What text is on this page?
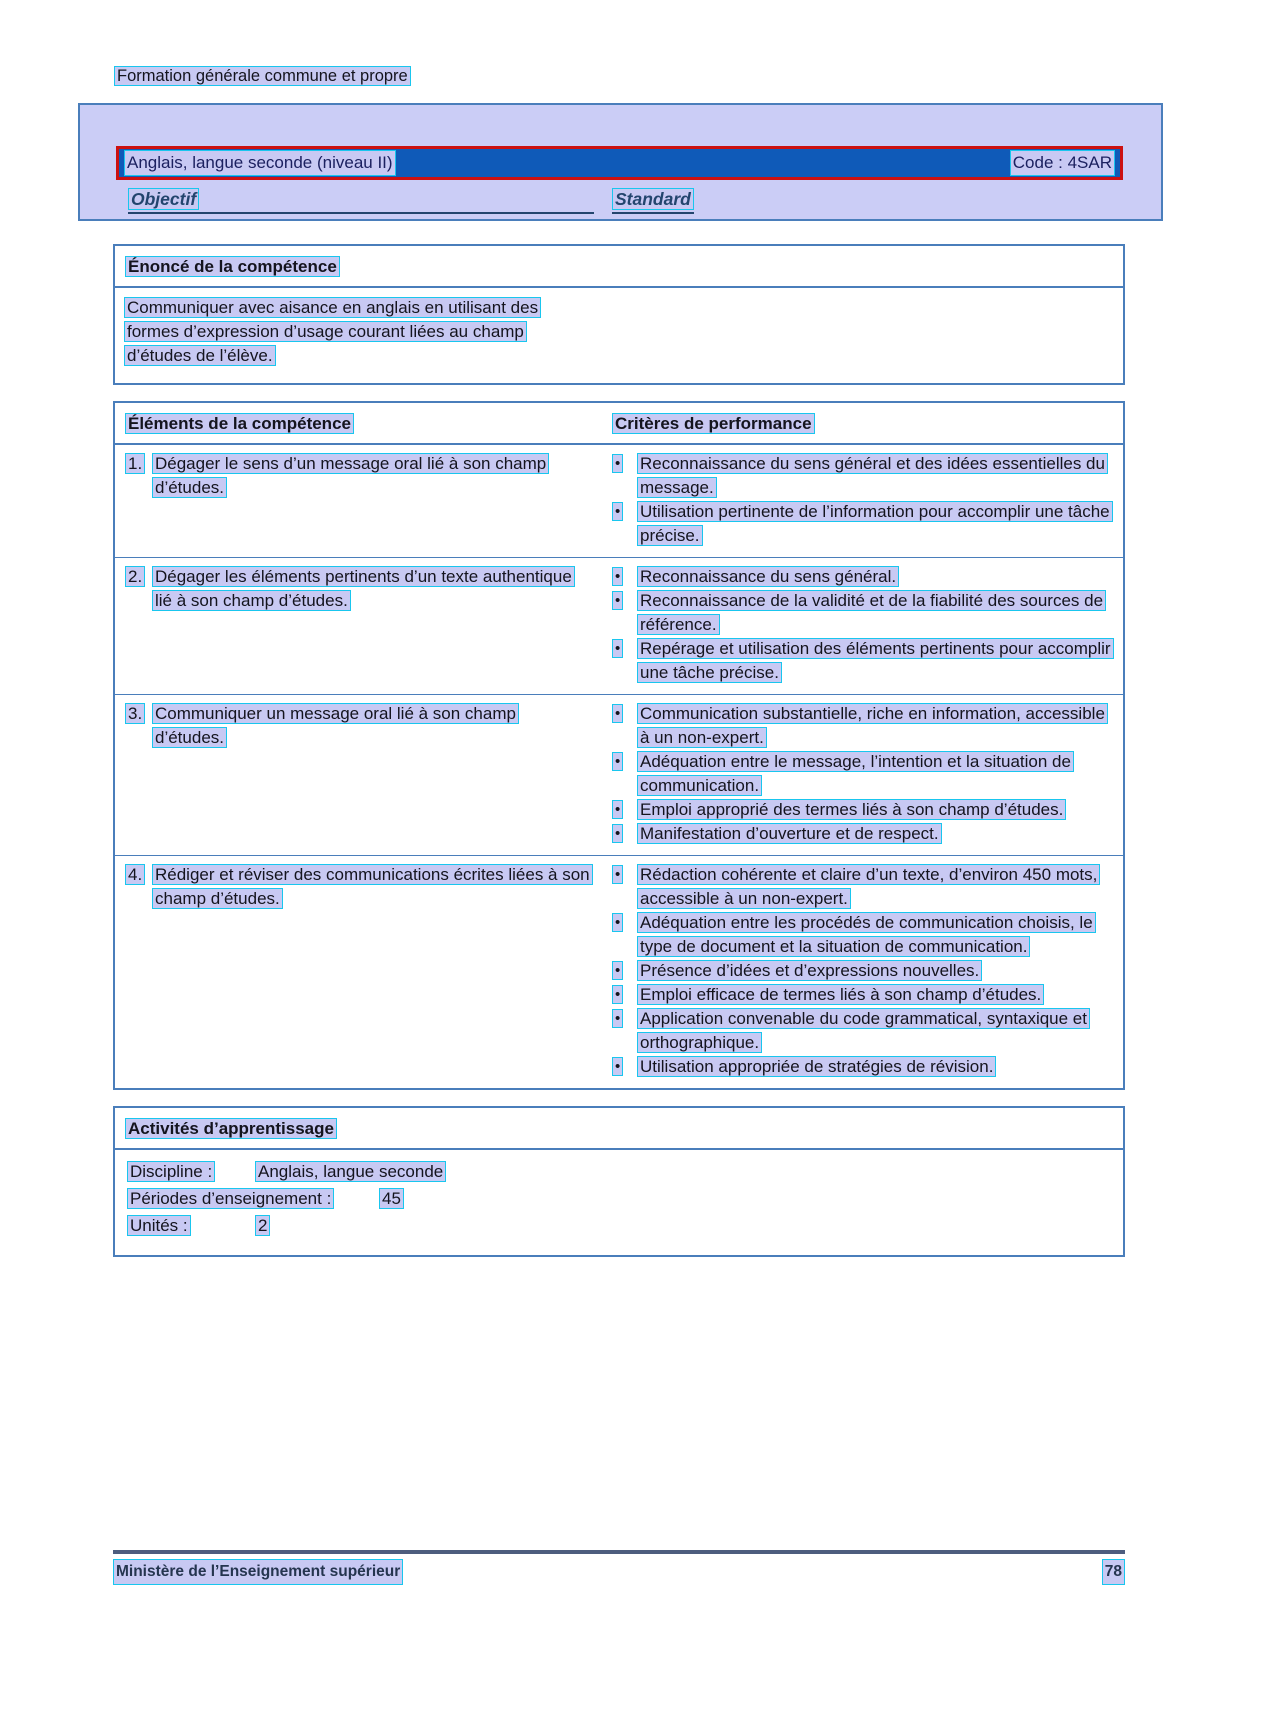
Formation générale commune et propre
Anglais, langue seconde (niveau II)	Code : 4SAR
Objectif	Standard
Énoncé de la compétence
Communiquer avec aisance en anglais en utilisant des formes d’expression d’usage courant liées au champ d’études de l’élève.
Éléments de la compétence	Critères de performance
1. Dégager le sens d’un message oral lié à son champ d’études.
•	Reconnaissance du sens général et des idées essentielles du message.
•	Utilisation pertinente de l’information pour accomplir une tâche précise.
2. Dégager les éléments pertinents d’un texte authentique lié à son champ d’études.
•	Reconnaissance du sens général.
•	Reconnaissance de la validité et de la fiabilité des sources de référence.
•	Repérage et utilisation des éléments pertinents pour accomplir une tâche précise.
3. Communiquer un message oral lié à son champ d’études.
•	Communication substantielle, riche en information, accessible à un non-expert.
•	Adéquation entre le message, l’intention et la situation de communication.
•	Emploi approprié des termes liés à son champ d’études.
•	Manifestation d’ouverture et de respect.
4. Rédiger et réviser des communications écrites liées à son champ d’études.
•	Rédaction cohérente et claire d’un texte, d’environ 450 mots, accessible à un non-expert.
•	Adéquation entre les procédés de communication choisis, le type de document et la situation de communication.
•	Présence d’idées et d’expressions nouvelles.
•	Emploi efficace de termes liés à son champ d’études.
•	Application convenable du code grammatical, syntaxique et orthographique.
•	Utilisation appropriée de stratégies de révision.
Activités d’apprentissage
Discipline :	Anglais, langue seconde
Périodes d’enseignement :	45
Unités :	2
Ministère de l’Enseignement supérieur	78
